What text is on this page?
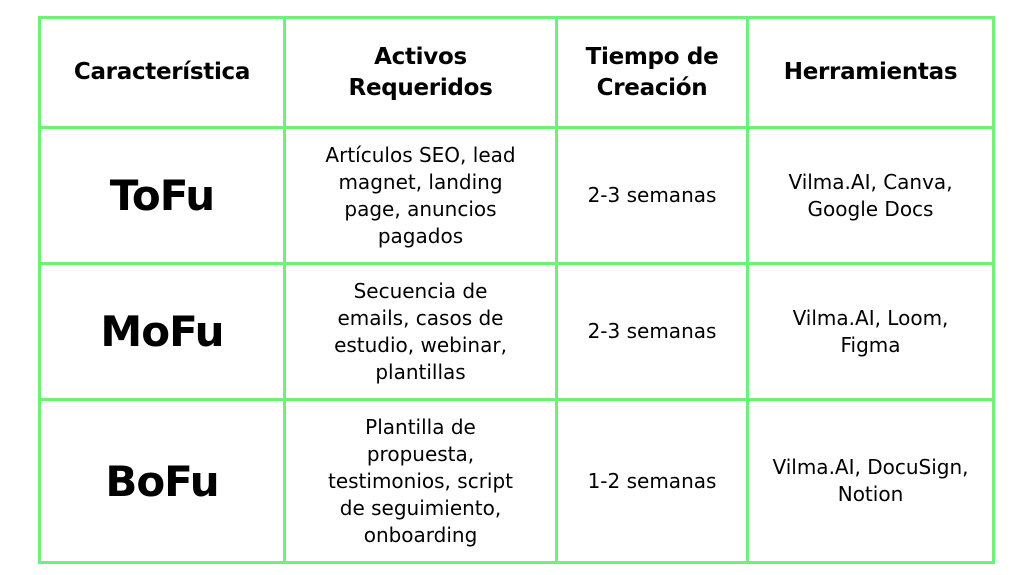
Característica	Activos Requeridos	Tiempo de Creación	Herramientas

ToFu	Artículos SEO, lead magnet, landing page, anuncios pagados	2-3 semanas	Vilma.AI, Canva, Google Docs

MoFu	Secuencia de emails, casos de estudio, webinar, plantillas	2-3 semanas	Vilma.AI, Loom, Figma

BoFu	Plantilla de propuesta, testimonios, script de seguimiento, onboarding	1-2 semanas	Vilma.AI, DocuSign, Notion
